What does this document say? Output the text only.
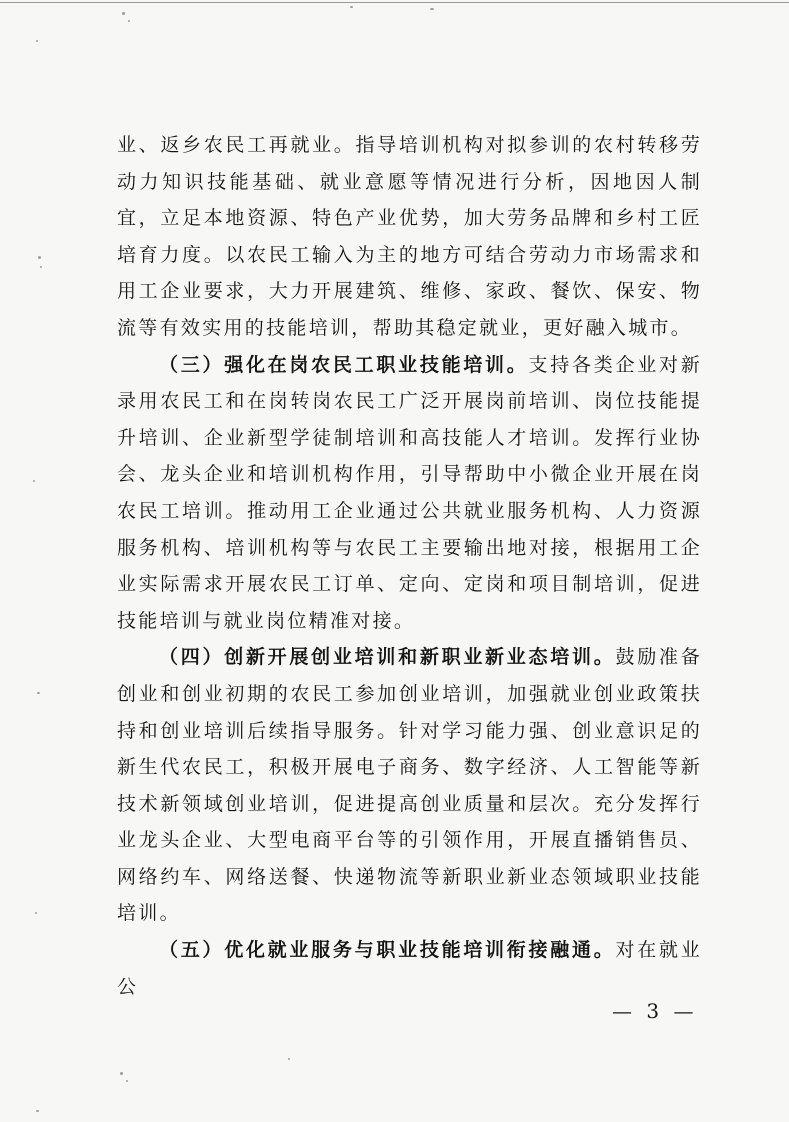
业、返乡农民工再就业。指导培训机构对拟参训的农村转移劳动力知识技能基础、就业意愿等情况进行分析，因地因人制宜，立足本地资源、特色产业优势，加大劳务品牌和乡村工匠培育力度。以农民工输入为主的地方可结合劳动力市场需求和用工企业要求，大力开展建筑、维修、家政、餐饮、保安、物流等有效实用的技能培训，帮助其稳定就业，更好融入城市。

（三）强化在岗农民工职业技能培训。支持各类企业对新录用农民工和在岗转岗农民工广泛开展岗前培训、岗位技能提升培训、企业新型学徒制培训和高技能人才培训。发挥行业协会、龙头企业和培训机构作用，引导帮助中小微企业开展在岗农民工培训。推动用工企业通过公共就业服务机构、人力资源服务机构、培训机构等与农民工主要输出地对接，根据用工企业实际需求开展农民工订单、定向、定岗和项目制培训，促进技能培训与就业岗位精准对接。

（四）创新开展创业培训和新职业新业态培训。鼓励准备创业和创业初期的农民工参加创业培训，加强就业创业政策扶持和创业培训后续指导服务。针对学习能力强、创业意识足的新生代农民工，积极开展电子商务、数字经济、人工智能等新技术新领域创业培训，促进提高创业质量和层次。充分发挥行业龙头企业、大型电商平台等的引领作用，开展直播销售员、网络约车、网络送餐、快递物流等新职业新业态领域职业技能培训。

（五）优化就业服务与职业技能培训衔接融通。对在就业公

— 3 —
